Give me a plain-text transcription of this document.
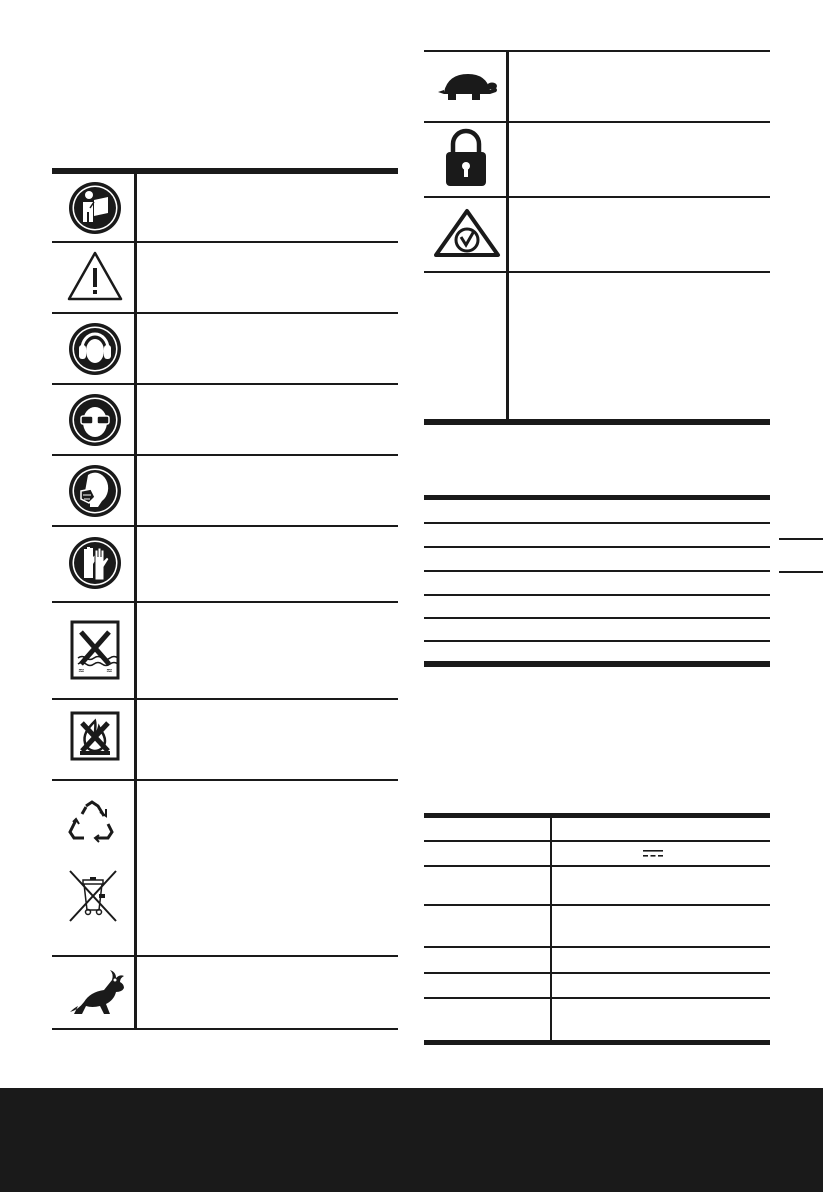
≈	≈
